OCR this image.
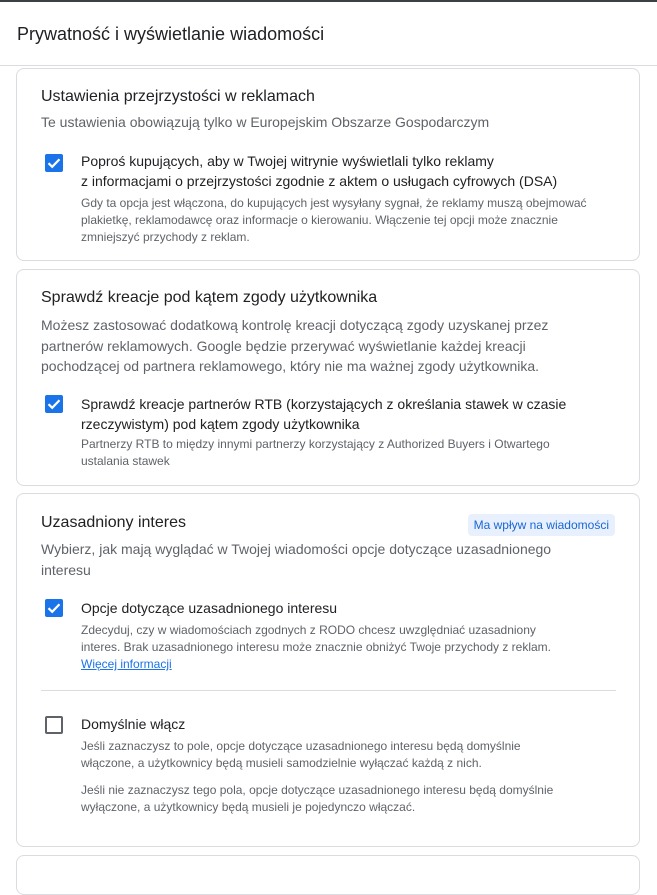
Prywatność i wyświetlanie wiadomości
Ustawienia przejrzystości w reklamach
Te ustawienia obowiązują tylko w Europejskim Obszarze Gospodarczym
Poproś kupujących, aby w Twojej witrynie wyświetlali tylko reklamy
z informacjami o przejrzystości zgodnie z aktem o usługach cyfrowych (DSA)
Gdy ta opcja jest włączona, do kupujących jest wysyłany sygnał, że reklamy muszą obejmować
plakietkę, reklamodawcę oraz informacje o kierowaniu. Włączenie tej opcji może znacznie
zmniejszyć przychody z reklam.
Sprawdź kreacje pod kątem zgody użytkownika
Możesz zastosować dodatkową kontrolę kreacji dotyczącą zgody uzyskanej przez
partnerów reklamowych. Google będzie przerywać wyświetlanie każdej kreacji
pochodzącej od partnera reklamowego, który nie ma ważnej zgody użytkownika.
Sprawdź kreacje partnerów RTB (korzystających z określania stawek w czasie
rzeczywistym) pod kątem zgody użytkownika
Partnerzy RTB to między innymi partnerzy korzystający z Authorized Buyers i Otwartego
ustalania stawek
Uzasadniony interes	Ma wpływ na wiadomości
Wybierz, jak mają wyglądać w Twojej wiadomości opcje dotyczące uzasadnionego
interesu
Opcje dotyczące uzasadnionego interesu
Zdecyduj, czy w wiadomościach zgodnych z RODO chcesz uwzględniać uzasadniony
interes. Brak uzasadnionego interesu może znacznie obniżyć Twoje przychody z reklam.
Więcej informacji
Domyślnie włącz
Jeśli zaznaczysz to pole, opcje dotyczące uzasadnionego interesu będą domyślnie
włączone, a użytkownicy będą musieli samodzielnie wyłączać każdą z nich.
Jeśli nie zaznaczysz tego pola, opcje dotyczące uzasadnionego interesu będą domyślnie
wyłączone, a użytkownicy będą musieli je pojedynczo włączać.
